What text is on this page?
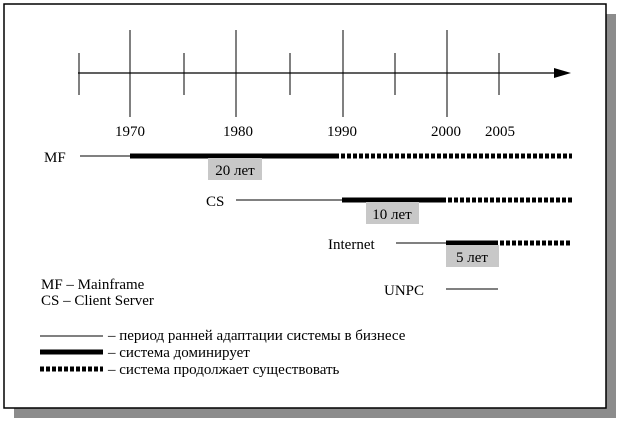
1970	1980	1990	2000 2005
MF
20 лет
CS
10 лет
Internet
5 лет
UNPC
MF – Mainframe
CS – Client Server
– период ранней адаптации системы в бизнесе
– система доминирует
– система продолжает существовать
